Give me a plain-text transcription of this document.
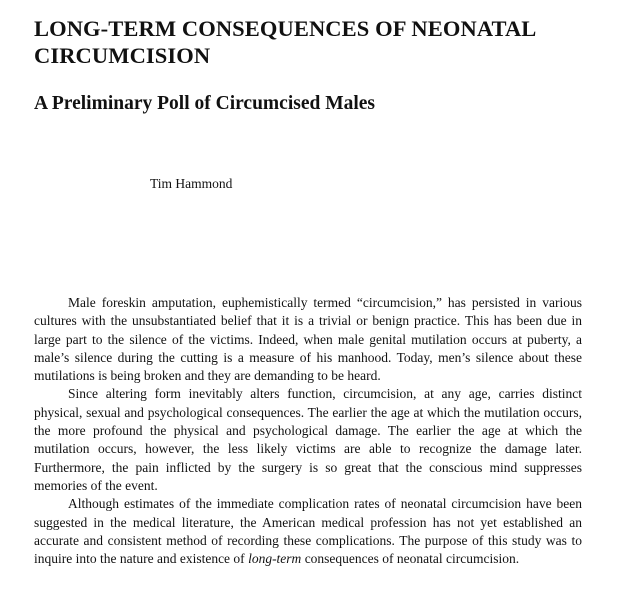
LONG-TERM CONSEQUENCES OF NEONATAL CIRCUMCISION
A Preliminary Poll of Circumcised Males

Tim Hammond

Male foreskin amputation, euphemistically termed “circumcision,” has persisted in various cultures with the unsubstantiated belief that it is a trivial or benign practice. This has been due in large part to the silence of the victims. Indeed, when male genital mutilation occurs at puberty, a male’s silence during the cutting is a measure of his manhood. Today, men’s silence about these mutilations is being broken and they are demanding to be heard.

Since altering form inevitably alters function, circumcision, at any age, carries distinct physical, sexual and psychological consequences. The earlier the age at which the mutilation occurs, the more profound the physical and psychological damage. The earlier the age at which the mutilation occurs, however, the less likely victims are able to recognize the damage later. Furthermore, the pain inflicted by the surgery is so great that the conscious mind suppresses memories of the event.

Although estimates of the immediate complication rates of neonatal circumcision have been suggested in the medical literature, the American medical profession has not yet established an accurate and consistent method of recording these complications. The purpose of this study was to inquire into the nature and existence of long-term consequences of neonatal circumcision.
